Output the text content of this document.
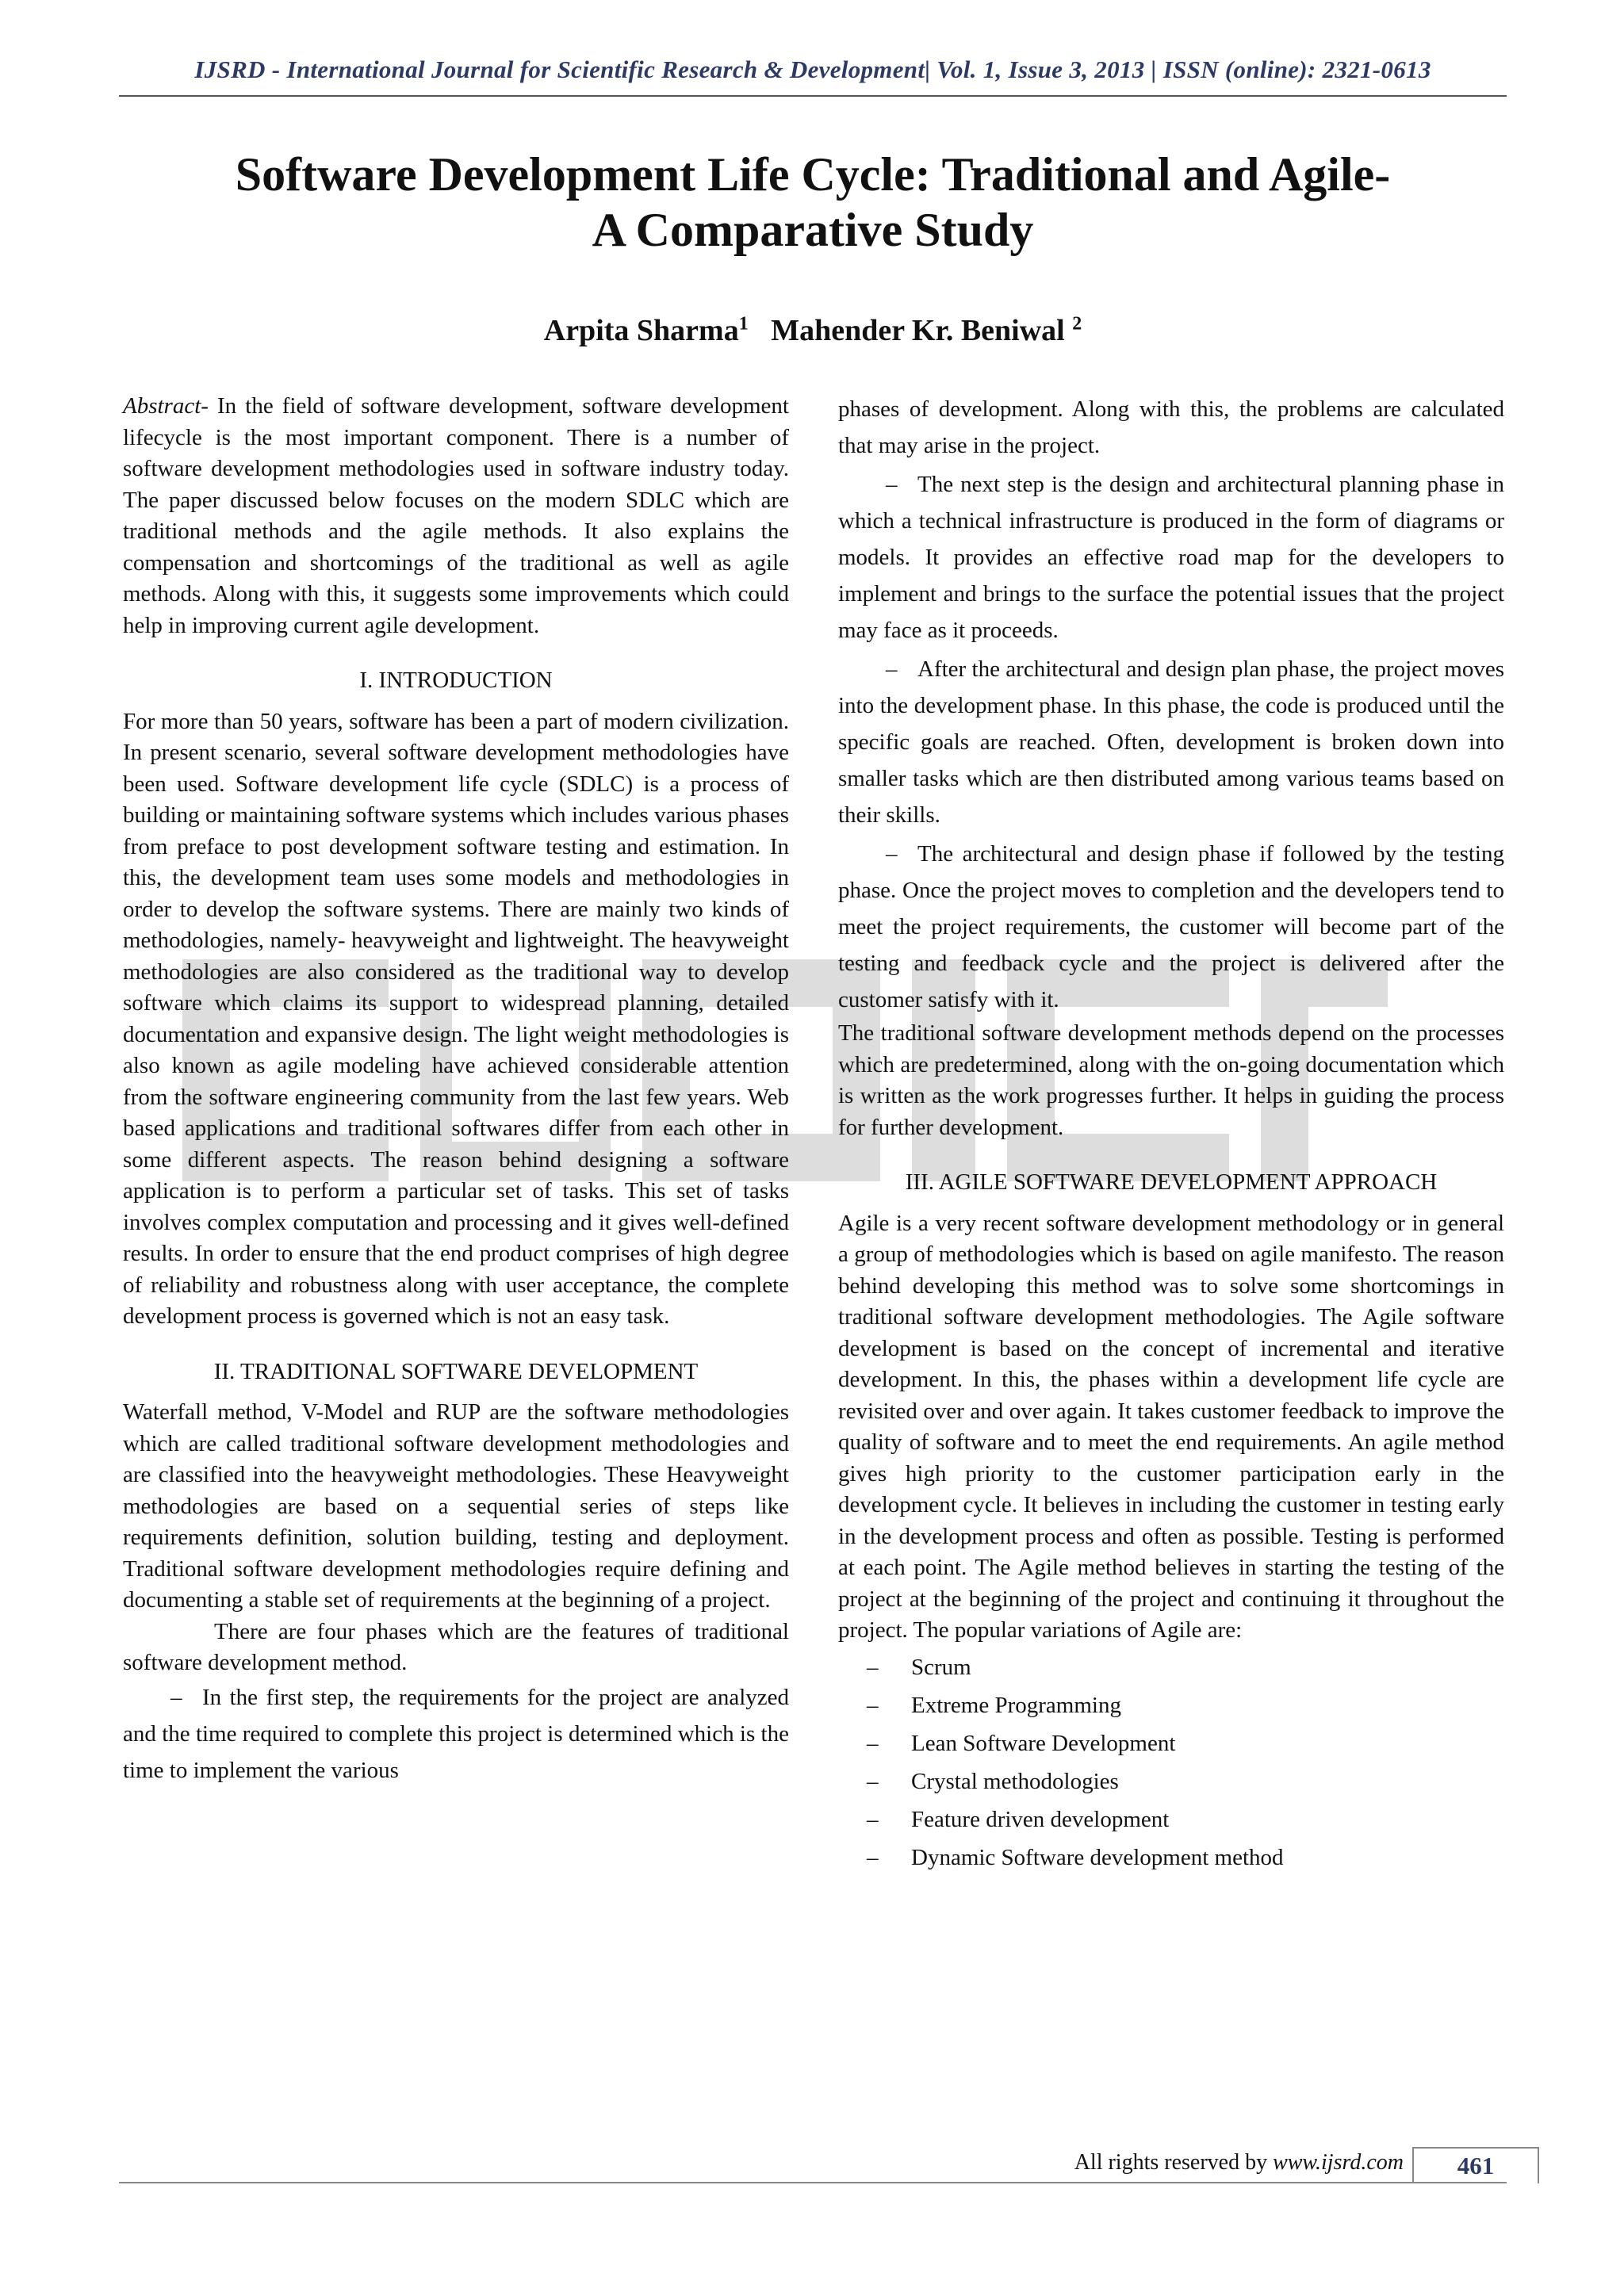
IJSRD - International Journal for Scientific Research & Development| Vol. 1, Issue 3, 2013 | ISSN (online): 2321-0613
Software Development Life Cycle: Traditional and Agile-
A Comparative Study
Arpita Sharma$^1$ Mahender Kr. Beniwal $^2$

Abstract- In the field of software development, software development lifecycle is the most important component. There is a number of software development methodologies used in software industry today. The paper discussed below focuses on the modern SDLC which are traditional methods and the agile methods. It also explains the compensation and shortcomings of the traditional as well as agile methods. Along with this, it suggests some improvements which could help in improving current agile development.

I. INTRODUCTION

For more than 50 years, software has been a part of modern civilization. In present scenario, several software development methodologies have been used. Software development life cycle (SDLC) is a process of building or maintaining software systems which includes various phases from preface to post development software testing and estimation. In this, the development team uses some models and methodologies in order to develop the software systems. There are mainly two kinds of methodologies, namely- heavyweight and lightweight. The heavyweight methodologies are also considered as the traditional way to develop software which claims its support to widespread planning, detailed documentation and expansive design. The light weight methodologies is also known as agile modeling have achieved considerable attention from the software engineering community from the last few years. Web based applications and traditional softwares differ from each other in some different aspects. The reason behind designing a software application is to perform a particular set of tasks. This set of tasks involves complex computation and processing and it gives well-defined results. In order to ensure that the end product comprises of high degree of reliability and robustness along with user acceptance, the complete development process is governed which is not an easy task.

II. TRADITIONAL SOFTWARE DEVELOPMENT

Waterfall method, V-Model and RUP are the software methodologies which are called traditional software development methodologies and are classified into the heavyweight methodologies. These Heavyweight methodologies are based on a sequential series of steps like requirements definition, solution building, testing and deployment. Traditional software development methodologies require defining and documenting a stable set of requirements at the beginning of a project.

There are four phases which are the features of traditional software development method.

– In the first step, the requirements for the project are analyzed and the time required to complete this project is determined which is the time to implement the various

phases of development. Along with this, the problems are calculated that may arise in the project.

– The next step is the design and architectural planning phase in which a technical infrastructure is produced in the form of diagrams or models. It provides an effective road map for the developers to implement and brings to the surface the potential issues that the project may face as it proceeds.

– After the architectural and design plan phase, the project moves into the development phase. In this phase, the code is produced until the specific goals are reached. Often, development is broken down into smaller tasks which are then distributed among various teams based on their skills.

– The architectural and design phase if followed by the testing phase. Once the project moves to completion and the developers tend to meet the project requirements, the customer will become part of the testing and feedback cycle and the project is delivered after the customer satisfy with it.

The traditional software development methods depend on the processes which are predetermined, along with the on-going documentation which is written as the work progresses further. It helps in guiding the process for further development.

III. AGILE SOFTWARE DEVELOPMENT APPROACH

Agile is a very recent software development methodology or in general a group of methodologies which is based on agile manifesto. The reason behind developing this method was to solve some shortcomings in traditional software development methodologies. The Agile software development is based on the concept of incremental and iterative development. In this, the phases within a development life cycle are revisited over and over again. It takes customer feedback to improve the quality of software and to meet the end requirements. An agile method gives high priority to the customer participation early in the development cycle. It believes in including the customer in testing early in the development process and often as possible. Testing is performed at each point. The Agile method believes in starting the testing of the project at the beginning of the project and continuing it throughout the project. The popular variations of Agile are:

– Scrum
– Extreme Programming
– Lean Software Development
– Crystal methodologies
– Feature driven development
– Dynamic Software development method
All rights reserved by www.ijsrd.com	461
